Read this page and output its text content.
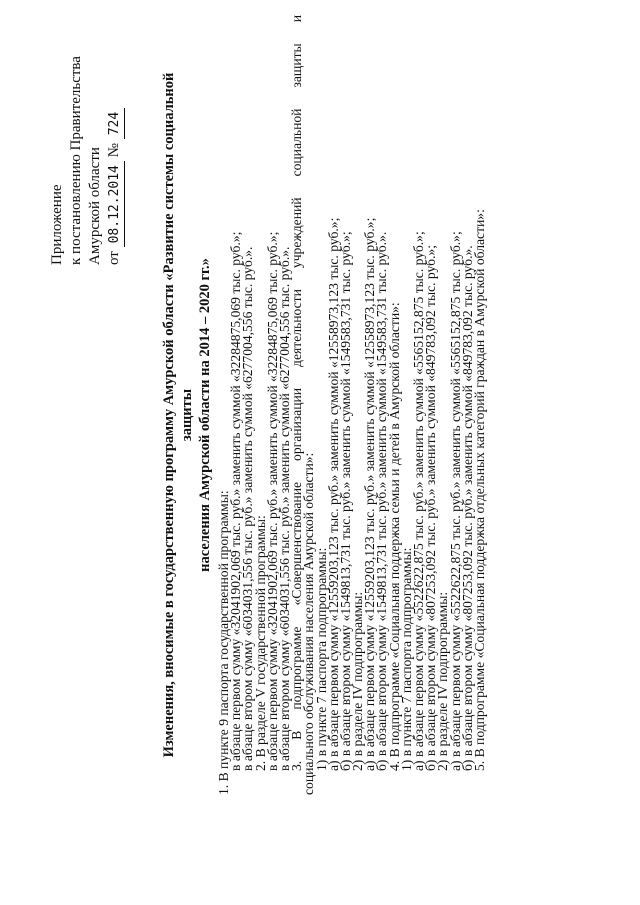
Приложение к постановлению Правительства Амурской области от 08.12.2014 № 724	Изменения, вносимые в государственную программу Амурской области «Развитие системы социальной защиты населения Амурской области на 2014 – 2020 гг.»
1. В пункте 9 паспорта государственной программы:
в абзаце первом сумму «32041902,069 тыс. руб.» заменить суммой «32284875,069 тыс. руб.»;
в абзаце втором сумму «6034031,556 тыс. руб.» заменить суммой «6277004,556 тыс. руб.».
2. В разделе V государственной программы:
в абзаце первом сумму «32041902,069 тыс. руб.» заменить суммой «32284875,069 тыс. руб.»;
в абзаце втором сумму «6034031,556 тыс. руб.» заменить суммой «6277004,556 тыс. руб.».
3. В подпрограмме «Совершенствование организации деятельности учреждений социальной защиты и
социального обслуживания населения Амурской области»:
1) в пункте 7 паспорта подпрограммы:
а) в абзаце первом сумму «12559203,123 тыс. руб.» заменить суммой «12558973,123 тыс. руб.»;
б) в абзаце втором сумму «1549813,731 тыс. руб.» заменить суммой «1549583,731 тыс. руб.»;
2) в разделе IV подпрограммы:
а) в абзаце первом сумму «12559203,123 тыс. руб.» заменить суммой «12558973,123 тыс. руб.»;
б) в абзаце втором сумму «1549813,731 тыс. руб.» заменить суммой «1549583,731 тыс. руб.».
4. В подпрограмме «Социальная поддержка семьи и детей в Амурской области»:
1) в пункте 7 паспорта подпрограммы:
а) в абзаце первом сумму «5522622,875 тыс. руб.» заменить суммой «5565152,875 тыс. руб.»;
б) в абзаце втором сумму «807253,092 тыс. руб.» заменить суммой «849783,092 тыс. руб.»;
2) в разделе IV подпрограммы:
а) в абзаце первом сумму «5522622,875 тыс. руб.» заменить суммой «5565152,875 тыс. руб.»;
б) в абзаце втором сумму «807253,092 тыс. руб.» заменить суммой «849783,092 тыс. руб.».
5. В подпрограмме «Социальная поддержка отдельных категорий граждан в Амурской области»:
